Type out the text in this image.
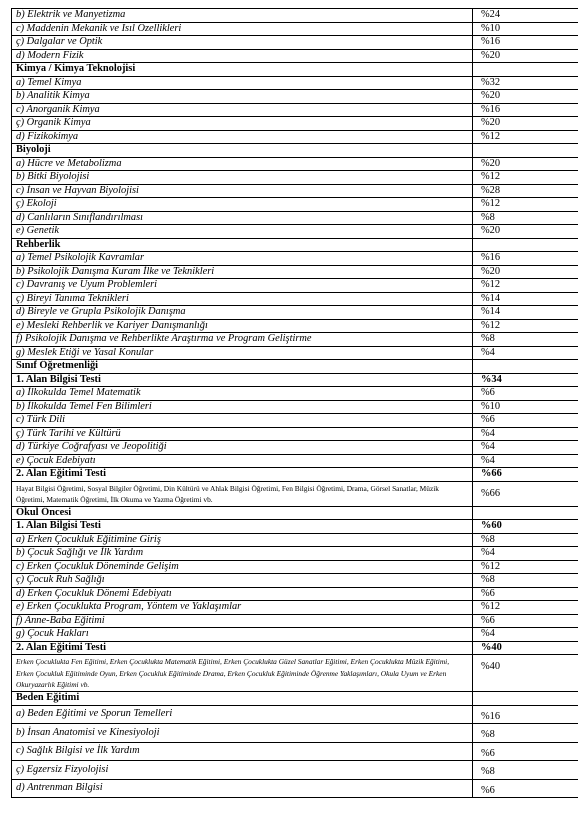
b) Elektrik ve Manyetizma	%24
c) Maddenin Mekanik ve Isıl Özellikleri	%10
ç) Dalgalar ve Optik	%16
d) Modern Fizik	%20
Kimya / Kimya Teknolojisi	
a) Temel Kimya	%32
b) Analitik Kimya	%20
c) Anorganik Kimya	%16
ç) Organik Kimya	%20
d) Fizikokimya	%12
Biyoloji	
a) Hücre ve Metabolizma	%20
b) Bitki Biyolojisi	%12
c) İnsan ve Hayvan Biyolojisi	%28
ç) Ekoloji	%12
d) Canlıların Sınıflandırılması	%8
e) Genetik	%20
Rehberlik	
a) Temel Psikolojik Kavramlar	%16
b) Psikolojik Danışma Kuram İlke ve Teknikleri	%20
c) Davranış ve Uyum Problemleri	%12
ç) Bireyi Tanıma Teknikleri	%14
d) Bireyle ve Grupla Psikolojik Danışma	%14
e) Mesleki Rehberlik ve Kariyer Danışmanlığı	%12
f) Psikolojik Danışma ve Rehberlikte Araştırma ve Program Geliştirme	%8
g) Meslek Etiği ve Yasal Konular	%4
Sınıf Öğretmenliği	
1. Alan Bilgisi Testi	%34
a) İlkokulda Temel Matematik	%6
b) İlkokulda Temel Fen Bilimleri	%10
c) Türk Dili	%6
ç) Türk Tarihi ve Kültürü	%4
d) Türkiye Coğrafyası ve Jeopolitiği	%4
e) Çocuk Edebiyatı	%4
2. Alan Eğitimi Testi	%66
Hayat Bilgisi Öğretimi, Sosyal Bilgiler Öğretimi, Din Kültürü ve Ahlak Bilgisi Öğretimi, Fen Bilgisi Öğretimi, Drama, Görsel Sanatlar, Müzik Öğretimi, Matematik Öğretimi, İlk Okuma ve Yazma Öğretimi vb.	%66
Okul Öncesi	
1. Alan Bilgisi Testi	%60
a) Erken Çocukluk Eğitimine Giriş	%8
b) Çocuk Sağlığı ve İlk Yardım	%4
c) Erken Çocukluk Döneminde Gelişim	%12
ç) Çocuk Ruh Sağlığı	%8
d) Erken Çocukluk Dönemi Edebiyatı	%6
e) Erken Çocuklukta Program, Yöntem ve Yaklaşımlar	%12
f) Anne-Baba Eğitimi	%6
g) Çocuk Hakları	%4
2. Alan Eğitimi Testi	%40
Erken Çocuklukta Fen Eğitimi, Erken Çocuklukta Matematik Eğitimi, Erken Çocuklukta Güzel Sanatlar Eğitimi, Erken Çocuklukta Müzik Eğitimi, Erken Çocukluk Eğitiminde Oyun, Erken Çocukluk Eğitiminde Drama, Erken Çocukluk Eğitiminde Öğrenme Yaklaşımları, Okula Uyum ve Erken Okuryazarlık Eğitimi vb.	%40
Beden Eğitimi	
a) Beden Eğitimi ve Sporun Temelleri	%16
b) İnsan Anatomisi ve Kinesiyoloji	%8
c) Sağlık Bilgisi ve İlk Yardım	%6
ç) Egzersiz Fizyolojisi	%8
d) Antrenman Bilgisi	%6
